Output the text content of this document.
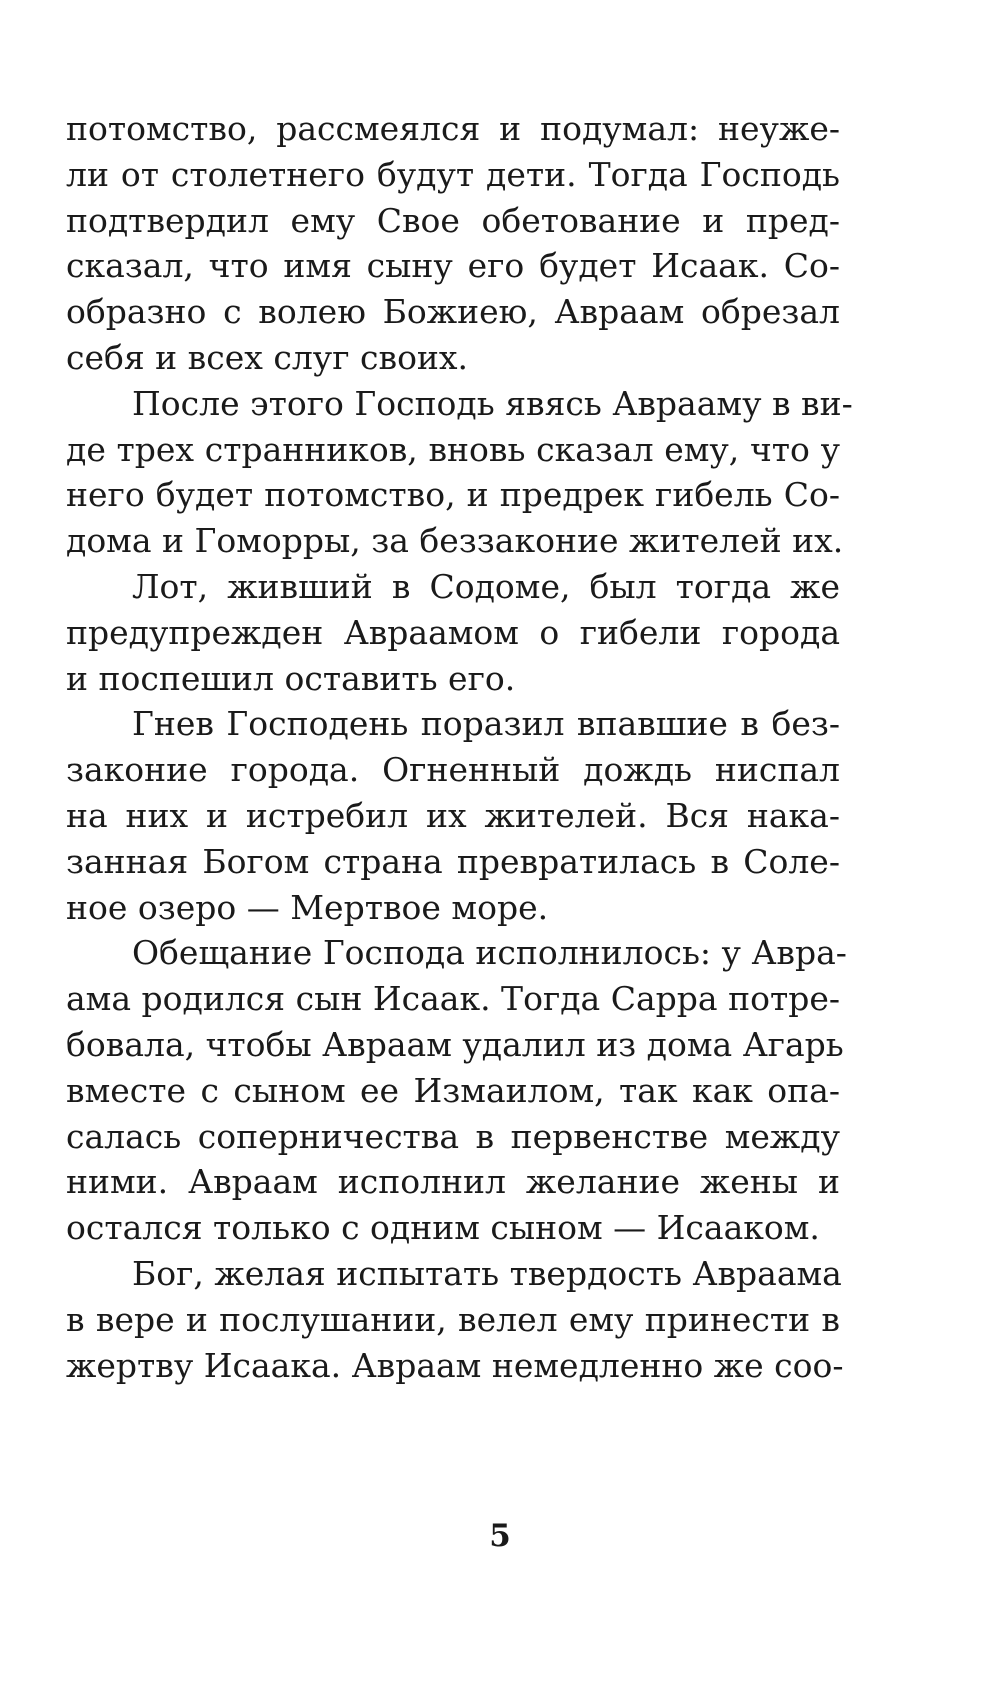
потомство, рассмеялся и подумал: неуже-
ли от столетнего будут дети. Тогда Господь
подтвердил ему Свое обетование и пред-
сказал, что имя сыну его будет Исаак. Со-
образно с волею Божиею, Авраам обрезал
себя и всех слуг своих.
После этого Господь явясь Аврааму в ви-
де трех странников, вновь сказал ему, что у
него будет потомство, и предрек гибель Со-
дома и Гоморры, за беззаконие жителей их.
Лот, живший в Содоме, был тогда же
предупрежден Авраамом о гибели города
и поспешил оставить его.
Гнев Господень поразил впавшие в без-
законие города. Огненный дождь ниспал
на них и истребил их жителей. Вся нака-
занная Богом страна превратилась в Соле-
ное озеро — Мертвое море.
Обещание Господа исполнилось: у Авра-
ама родился сын Исаак. Тогда Сарра потре-
бовала, чтобы Авраам удалил из дома Агарь
вместе с сыном ее Измаилом, так как опа-
салась соперничества в первенстве между
ними. Авраам исполнил желание жены и
остался только с одним сыном — Исааком.
Бог, желая испытать твердость Авраама
в вере и послушании, велел ему принести в
жертву Исаака. Авраам немедленно же соо-
5
